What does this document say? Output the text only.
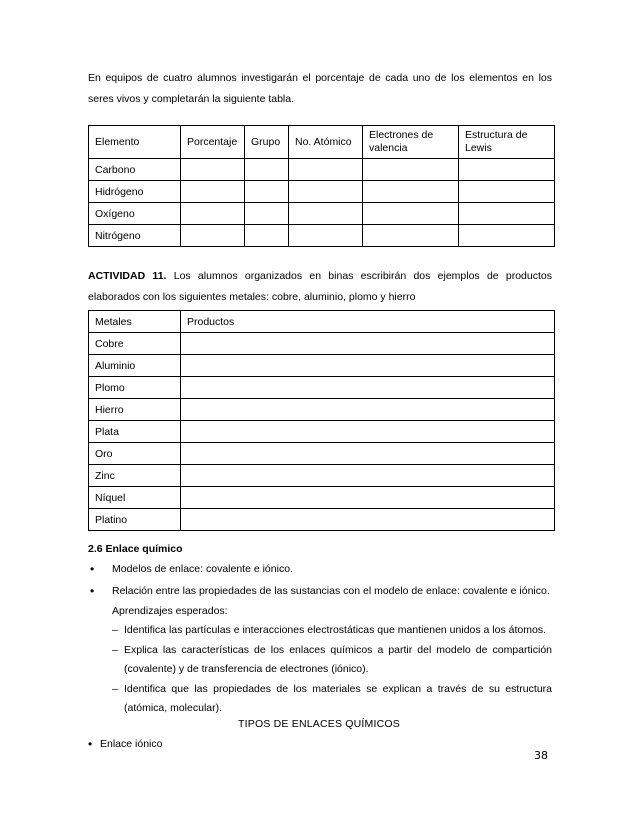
En equipos de cuatro alumnos investigarán el porcentaje de cada uno de los elementos en los
seres vivos y completarán la siguiente tabla.
Elemento	Porcentaje	Grupo	No. Atómico	Electrones de valencia	Estructura de Lewis
Carbono					
Hidrógeno					
Oxígeno					
Nitrógeno					
ACTIVIDAD 11. Los alumnos organizados en binas escribirán dos ejemplos de productos
elaborados con los siguientes metales: cobre, aluminio, plomo y hierro
Metales	Productos
Cobre	
Aluminio	
Plomo	
Hierro	
Plata	
Oro	
Zinc	
Níquel	
Platino	
2.6 Enlace químico
• Modelos de enlace: covalente e iónico.
• Relación entre las propiedades de las sustancias con el modelo de enlace: covalente e iónico.
Aprendizajes esperados:
– Identifica las partículas e interacciones electrostáticas que mantienen unidos a los átomos.
– Explica las características de los enlaces químicos a partir del modelo de compartición
(covalente) y de transferencia de electrones (iónico).
– Identifica que las propiedades de los materiales se explican a través de su estructura
(atómica, molecular).
TIPOS DE ENLACES QUÍMICOS
• Enlace iónico
38
